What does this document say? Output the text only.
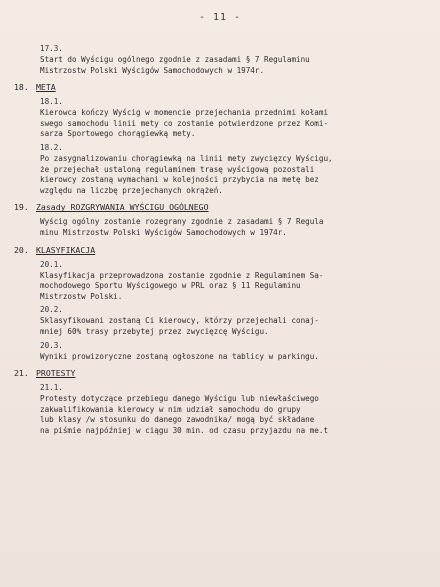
- 11 -
17.3.
Start do Wyścigu ogólnego zgodnie z zasadami § 7 Regulaminu
Mistrzostw Polski Wyścigów Samochodowych w 1974r.
18. META
18.1.
Kierowca kończy Wyścig w momencie przejechania przednimi kołami
swego samochodu linii mety co zostanie potwierdzone przez Komi-
sarza Sportowego chorągiewką mety.
18.2.
Po zasygnalizowaniu chorągiewką na linii mety zwycięzcy Wyścigu,
że przejechał ustaloną regulaminem trasę wyścigową pozostali
kierowcy zostaną wymachani w kolejności przybycia na metę bez
względu na liczbę przejechanych okrążeń.
19. Zasady ROZGRYWANIA WYŚCIGU OGÓLNEGO
Wyścig ogólny zostanie rozegrany zgodnie z zasadami § 7 Regula
minu Mistrzostw Polski Wyścigów Samochodowych w 1974r.
20. KLASYFIKACJA
20.1.
Klasyfikacja przeprowadzona zostanie zgodnie z Regulaminem Sa-
mochodowego Sportu Wyścigowego w PRL oraz § 11 Regulaminu
Mistrzostw Polski.
20.2.
Sklasyfikowani zostaną Ci kierowcy, którzy przejechali conaj-
mniej 60% trasy przebytej przez zwycięzcę Wyścigu.
20.3.
Wyniki prowizoryczne zostaną ogłoszone na tablicy w parkingu.
21. PROTESTY
21.1.
Protesty dotyczące przebiegu danego Wyścigu lub niewłaściwego
zakwalifikowania kierowcy w nim udział samochodu do grupy
lub klasy /w stosunku do danego zawodnika/ mogą być składane
na piśmie najpóźniej w ciągu 30 min. od czasu przyjazdu na me.t
